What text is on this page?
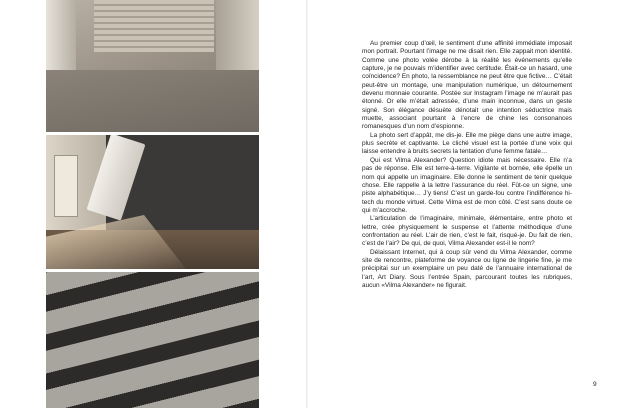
Au premier coup d’œil, le sentiment d’une affinité immédiate imposait mon portrait. Pourtant l’image ne me disait rien. Elle zappait mon identité. Comme une photo volée dérobe à la réalité les événements qu’elle capture, je ne pouvais m’identifier avec certitude. Était-ce un hasard, une coïncidence? En photo, la ressemblance ne peut être que fictive… C’était peut-être un montage, une manipulation numérique, un détournement devenu monnaie courante. Postée sur Instagram l’image ne m’aurait pas étonné. Or elle m’était adressée, d’une main inconnue, dans un geste signé. Son élégance désuète dénotait une intention séductrice mais muette, associant pourtant à l’encre de chine les consonances romanesques d’un nom d’espionne.

La photo sert d’appât, me dis-je. Elle me piège dans une autre image, plus secrète et captivante. Le cliché visuel est la portée d’une voix qui laisse entendre à bruits secrets la tentation d’une femme fatale…

Qui est Vilma Alexander? Question idiote mais nécessaire. Elle n’a pas de réponse. Elle est terre-à-terre. Vigilante et bornée, elle épelle un nom qui appelle un imaginaire. Elle donne le sentiment de tenir quelque chose. Elle rappelle à la lettre l’assurance du réel. Fût-ce un signe, une piste alphabétique… J’y tiens! C’est un garde-fou contre l’indifférence hi-tech du monde virtuel. Cette Vilma est de mon côté. C’est sans doute ce qui m’accroche.

L’articulation de l’imaginaire, minimale, élémentaire, entre photo et lettre, crée physiquement le suspense et l’attente méthodique d’une confrontation au réel. L’air de rien, c’est le fait, risqué-je. Du fait de rien, c’est de l’air? De qui, de quoi, Vilma Alexander est-il le nom?

Délaissant Internet, qui à coup sûr vend du Vilma Alexander, comme site de rencontre, plateforme de voyance ou ligne de lingerie fine, je me précipitai sur un exemplaire un peu daté de l’annuaire international de l’art, Art Diary. Sous l’entrée Spain, parcourant toutes les rubriques, aucun «Vilma Alexander» ne figurait.

9
